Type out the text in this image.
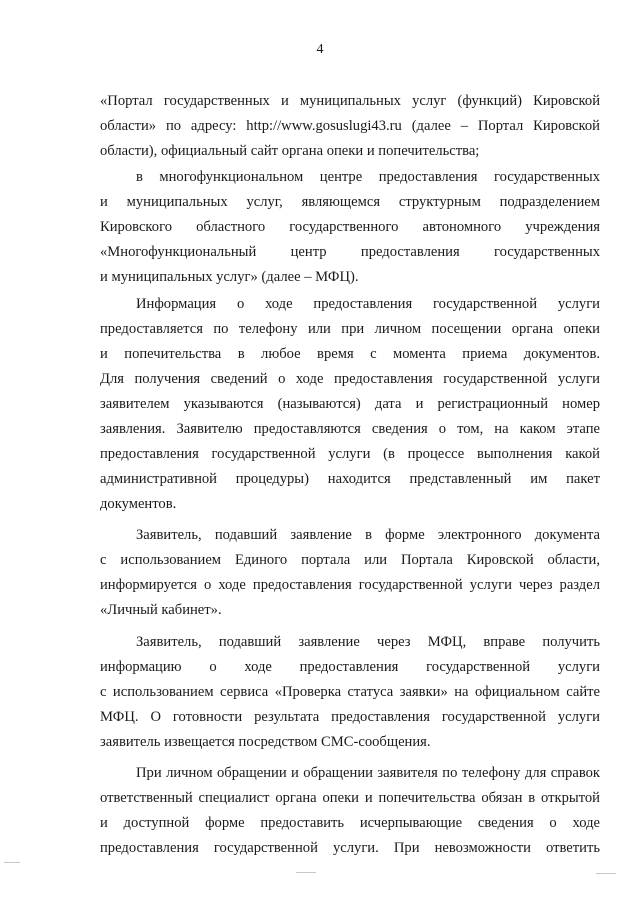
4
«Портал государственных и муниципальных услуг (функций) Кировской
области» по адресу: http://www.gosuslugi43.ru (далее – Портал Кировской
области), официальный сайт органа опеки и попечительства;
в многофункциональном центре предоставления государственных
и муниципальных услуг, являющемся структурным подразделением
Кировского областного государственного автономного учреждения
«Многофункциональный центр предоставления государственных
и муниципальных услуг» (далее – МФЦ).
Информация о ходе предоставления государственной услуги
предоставляется по телефону или при личном посещении органа опеки
и попечительства в любое время с момента приема документов.
Для получения сведений о ходе предоставления государственной услуги
заявителем указываются (называются) дата и регистрационный номер
заявления. Заявителю предоставляются сведения о том, на каком этапе
предоставления государственной услуги (в процессе выполнения какой
административной процедуры) находится представленный им пакет
документов.
Заявитель, подавший заявление в форме электронного документа
с использованием Единого портала или Портала Кировской области,
информируется о ходе предоставления государственной услуги через раздел
«Личный кабинет».
Заявитель, подавший заявление через МФЦ, вправе получить
информацию о ходе предоставления государственной услуги
с использованием сервиса «Проверка статуса заявки» на официальном сайте
МФЦ. О готовности результата предоставления государственной услуги
заявитель извещается посредством СМС-сообщения.
При личном обращении и обращении заявителя по телефону для справок
ответственный специалист органа опеки и попечительства обязан в открытой
и доступной форме предоставить исчерпывающие сведения о ходе
предоставления государственной услуги. При невозможности ответить
